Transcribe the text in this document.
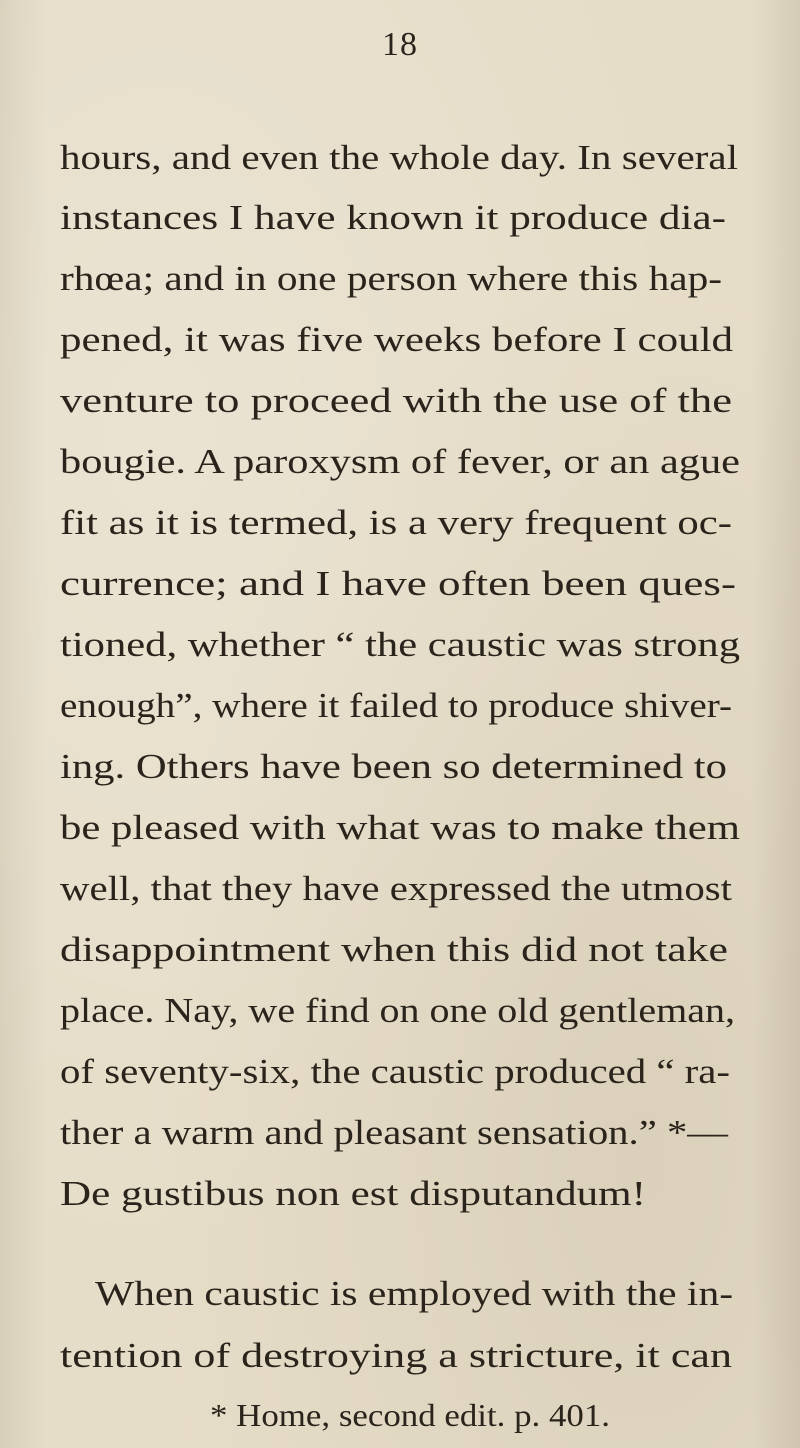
18
hours, and even the whole day. In several
instances I have known it produce dia-
rhœa; and in one person where this hap-
pened, it was five weeks before I could
venture to proceed with the use of the
bougie. A paroxysm of fever, or an ague
fit as it is termed, is a very frequent oc-
currence; and I have often been ques-
tioned, whether “ the caustic was strong
enough”, where it failed to produce shiver-
ing. Others have been so determined to
be pleased with what was to make them
well, that they have expressed the utmost
disappointment when this did not take
place. Nay, we find on one old gentleman,
of seventy-six, the caustic produced “ ra-
ther a warm and pleasant sensation.” *—
De gustibus non est disputandum!
When caustic is employed with the in-
tention of destroying a stricture, it can
* Home, second edit. p. 401.
